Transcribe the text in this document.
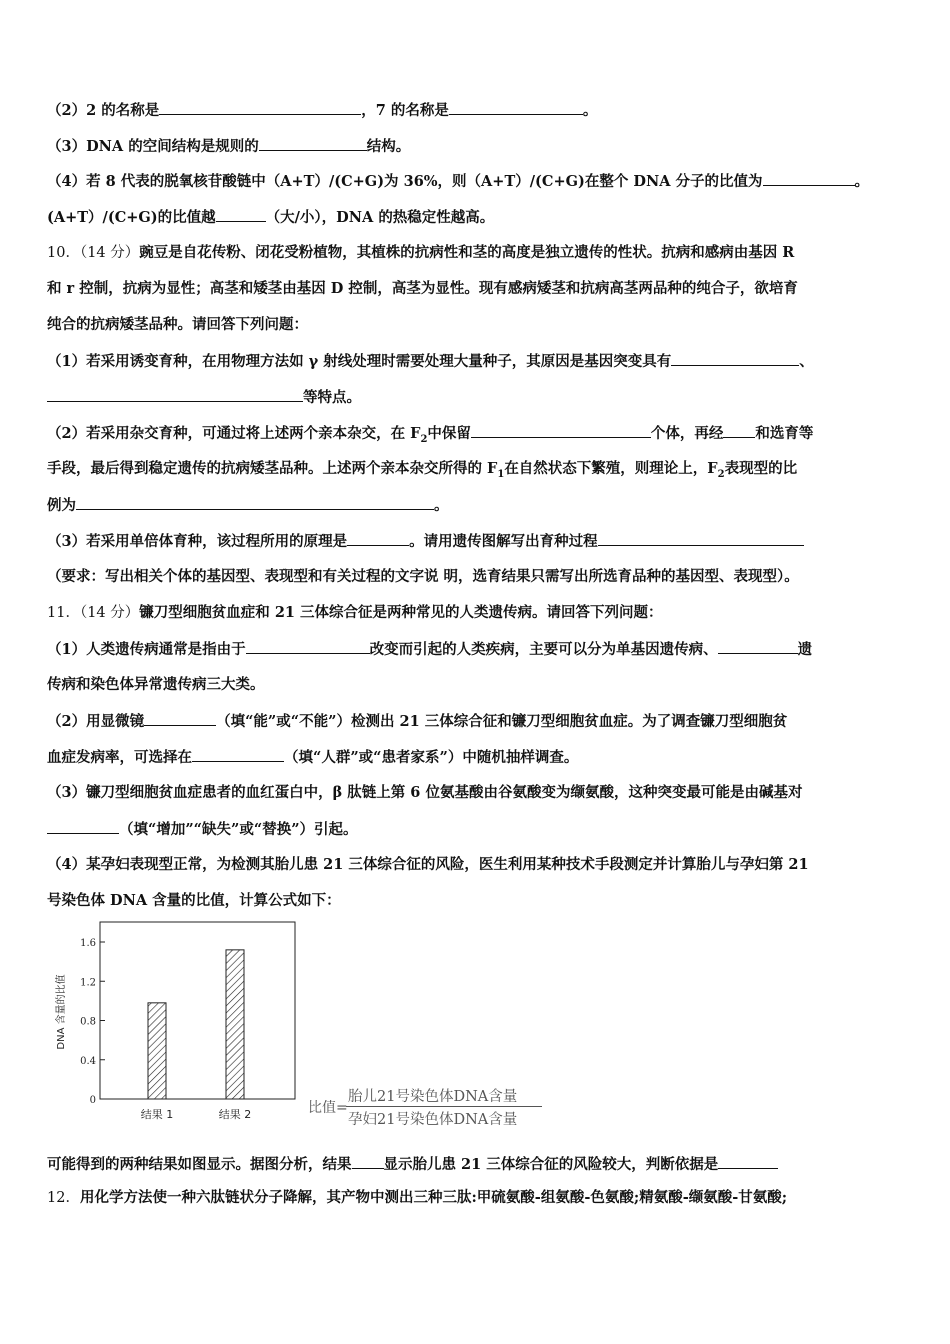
（2）2 的名称是	，7 的名称是	。
（3）DNA 的空间结构是规则的	结构。
（4）若 8 代表的脱氧核苷酸链中（A+T）/(C+G)为 36%，则（A+T）/(C+G)在整个 DNA 分子的比值为	。
(A+T）/(C+G)的比值越	（大/小），DNA 的热稳定性越高。
10．（14 分）豌豆是自花传粉、闭花受粉植物，其植株的抗病性和茎的高度是独立遗传的性状。抗病和感病由基因 R
和 r 控制，抗病为显性；高茎和矮茎由基因 D 控制，高茎为显性。现有感病矮茎和抗病高茎两品种的纯合子，欲培育
纯合的抗病矮茎品种。请回答下列问题：
（1）若采用诱变育种，在用物理方法如 γ 射线处理时需要处理大量种子，其原因是基因突变具有	、
等特点。
（2）若采用杂交育种，可通过将上述两个亲本杂交，在 $F_2$中保留	个体，再经 和选育等
手段，最后得到稳定遗传的抗病矮茎品种。上述两个亲本杂交所得的 $F_1$在自然状态下繁殖，则理论上，$F_2$表现型的比
例为	。
（3）若采用单倍体育种，该过程所用的原理是	。请用遗传图解写出育种过程
（要求：写出相关个体的基因型、表现型和有关过程的文字说 明，选育结果只需写出所选育品种的基因型、表现型）。
11．（14 分）镰刀型细胞贫血症和 21 三体综合征是两种常见的人类遗传病。请回答下列问题：
（1）人类遗传病通常是指由于	改变而引起的人类疾病，主要可以分为单基因遗传病、	遗
传病和染色体异常遗传病三大类。
（2）用显微镜	（填“能”或“不能”）检测出 21 三体综合征和镰刀型细胞贫血症。为了调查镰刀型细胞贫
血症发病率，可选择在	（填“人群”或“患者家系”）中随机抽样调查。
（3）镰刀型细胞贫血症患者的血红蛋白中，β 肽链上第 6 位氨基酸由谷氨酸变为缬氨酸，这种突变最可能是由碱基对
（填“增加”“缺失”或“替换”）引起。
（4）某孕妇表现型正常，为检测其胎儿患 21 三体综合征的风险，医生利用某种技术手段测定并计算胎儿与孕妇第 21
号染色体 DNA 含量的比值，计算公式如下：
0
0.4
0.8
1.2
1.6
结果 1	结果 2
DNA 含量的比值
比值=
胎儿21号染色体DNA含量
孕妇21号染色体DNA含量
可能得到的两种结果如图显示。据图分析，结果 显示胎儿患 21 三体综合征的风险较大，判断依据是
12．用化学方法使一种六肽链状分子降解，其产物中测出三种三肽:甲硫氨酸-组氨酸-色氨酸;精氨酸-缬氨酸-甘氨酸;
